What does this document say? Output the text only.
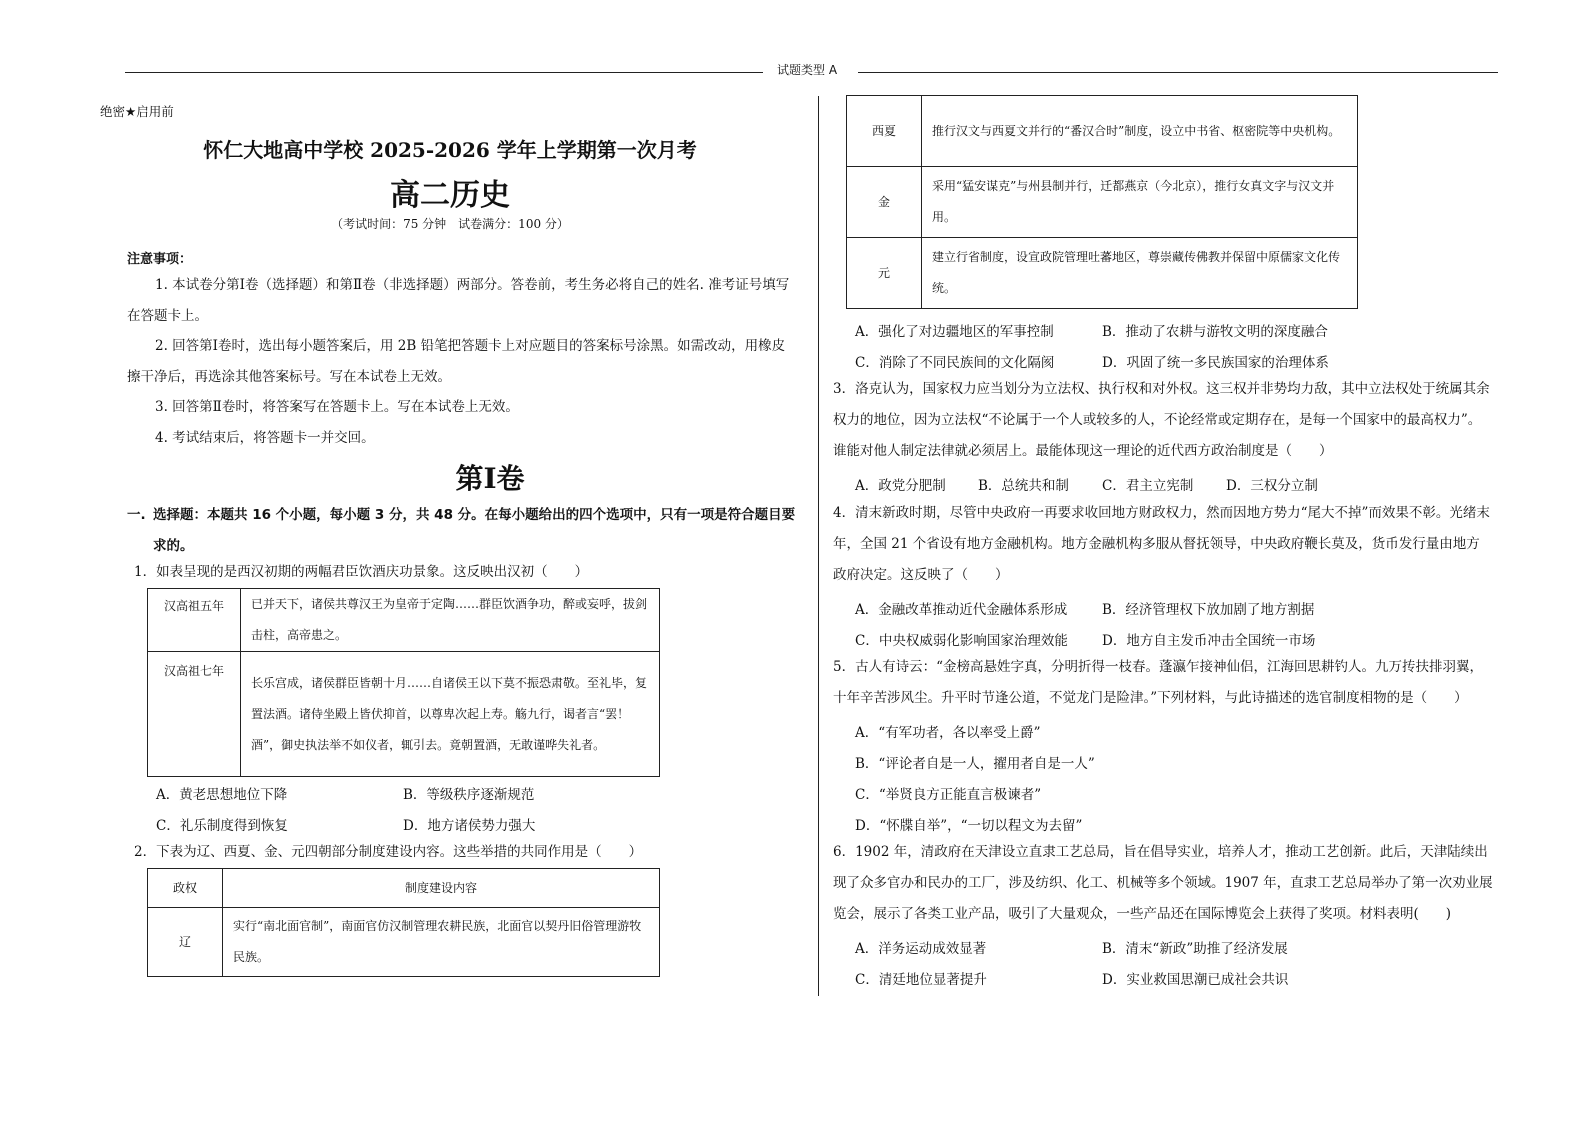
试题类型 A
绝密★启用前
怀仁大地高中学校 2025-2026 学年上学期第一次月考
高二历史
（考试时间：75 分钟　试卷满分：100 分）
注意事项：
1. 本试卷分第Ⅰ卷（选择题）和第Ⅱ卷（非选择题）两部分。答卷前，考生务必将自己的姓名. 准考证号填写在答题卡上。
2. 回答第Ⅰ卷时，选出每小题答案后，用 2B 铅笔把答题卡上对应题目的答案标号涂黑。如需改动，用橡皮擦干净后，再选涂其他答案标号。写在本试卷上无效。
3. 回答第Ⅱ卷时，将答案写在答题卡上。写在本试卷上无效。
4. 考试结束后，将答题卡一并交回。
第Ⅰ卷
一. 选择题：本题共 16 个小题，每小题 3 分，共 48 分。在每小题给出的四个选项中，只有一项是符合题目要求的。
1．如表呈现的是西汉初期的两幅君臣饮酒庆功景象。这反映出汉初（　　）
汉高祖五年	已并天下，诸侯共尊汉王为皇帝于定陶……群臣饮酒争功，醉或妄呼，拔剑击柱，高帝患之。
汉高祖七年	长乐宫成，诸侯群臣皆朝十月……自诸侯王以下莫不振恐肃敬。至礼毕，复置法酒。诸侍坐殿上皆伏抑首，以尊卑次起上寿。觞九行，谒者言“罢！酒”，御史执法举不如仪者，辄引去。竟朝置酒，无敢谨哗失礼者。
A．黄老思想地位下降	B．等级秩序逐渐规范
C．礼乐制度得到恢复	D．地方诸侯势力强大
2．下表为辽、西夏、金、元四朝部分制度建设内容。这些举措的共同作用是（　　）
政权	制度建设内容
辽	实行“南北面官制”，南面官仿汉制管理农耕民族，北面官以契丹旧俗管理游牧民族。
西夏	推行汉文与西夏文并行的“番汉合时”制度，设立中书省、枢密院等中央机构。
金	采用“猛安谋克”与州县制并行，迁都燕京（今北京），推行女真文字与汉文并用。
元	建立行省制度，设宣政院管理吐蕃地区，尊崇藏传佛教并保留中原儒家文化传统。
A．强化了对边疆地区的军事控制	B．推动了农耕与游牧文明的深度融合
C．消除了不同民族间的文化隔阂	D．巩固了统一多民族国家的治理体系
3．洛克认为，国家权力应当划分为立法权、执行权和对外权。这三权并非势均力敌，其中立法权处于统属其余权力的地位，因为立法权“不论属于一个人或较多的人，不论经常或定期存在，是每一个国家中的最高权力”。谁能对他人制定法律就必须居上。最能体现这一理论的近代西方政治制度是（　　）
A．政党分肥制 B．总统共和制 C．君主立宪制 D．三权分立制
4．清末新政时期，尽管中央政府一再要求收回地方财政权力，然而因地方势力“尾大不掉”而效果不彰。光绪末年，全国 21 个省设有地方金融机构。地方金融机构多服从督抚领导，中央政府鞭长莫及，货币发行量由地方政府决定。这反映了（　　）
A．金融改革推动近代金融体系形成	B．经济管理权下放加剧了地方割据
C．中央权威弱化影响国家治理效能	D．地方自主发币冲击全国统一市场
5．古人有诗云：“金榜高悬姓字真，分明折得一枝春。蓬瀛乍接神仙侣，江海回思耕钓人。九万抟扶排羽翼，十年辛苦涉风尘。升平时节逢公道，不觉龙门是险津。”下列材料，与此诗描述的选官制度相物的是（　　）
A．“有军功者，各以率受上爵”
B．“评论者自是一人，擢用者自是一人”
C．“举贤良方正能直言极谏者”
D．“怀牒自举”，“一切以程文为去留”
6．1902 年，清政府在天津设立直隶工艺总局，旨在倡导实业，培养人才，推动工艺创新。此后，天津陆续出现了众多官办和民办的工厂，涉及纺织、化工、机械等多个领域。1907 年，直隶工艺总局举办了第一次劝业展览会，展示了各类工业产品，吸引了大量观众，一些产品还在国际博览会上获得了奖项。材料表明(　　)
A．洋务运动成效显著	B．清末“新政”助推了经济发展
C．清廷地位显著提升	D．实业救国思潮已成社会共识
